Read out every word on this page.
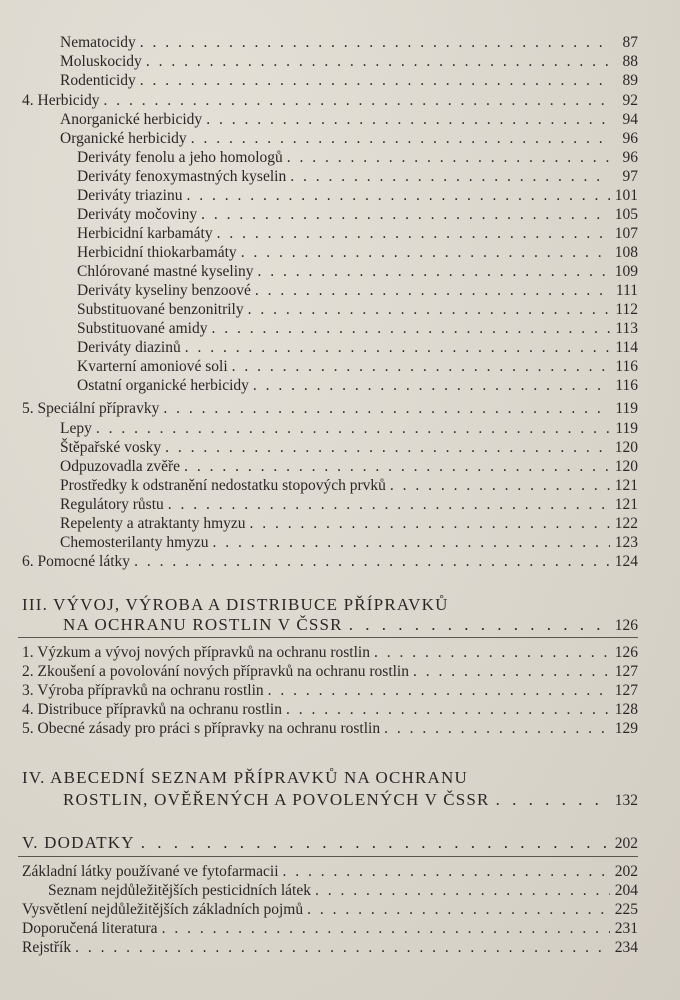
Nematocidy . . .	87
Moluskocidy . . .	88
Rodenticidy . . .	89
4. Herbicidy . . .	92
Anorganické herbicidy . . .	94
Organické herbicidy . . .	96
Deriváty fenolu a jeho homologů . . .	96
Deriváty fenoxymastných kyselin . . .	97
Deriváty triazinu . . .	101
Deriváty močoviny . . .	105
Herbicidní karbamáty . . .	107
Herbicidní thiokarbamáty . . .	108
Chlórované mastné kyseliny . . .	109
Deriváty kyseliny benzoové . . .	111
Substituované benzonitrily . . .	112
Substituované amidy . . .	113
Deriváty diazinů . . .	114
Kvarterní amoniové soli . . .	116
Ostatní organické herbicidy . . .	116
5. Speciální přípravky . . .	119
Lepy . . .	119
Štěpařské vosky . . .	120
Odpuzovadla zvěře . . .	120
Prostředky k odstranění nedostatku stopových prvků . . .	121
Regulátory růstu . . .	121
Repelenty a atraktanty hmyzu . . .	122
Chemosterilanty hmyzu . . .	123
6. Pomocné látky . . .	124
III. VÝVOJ, VÝROBA A DISTRIBUCE PŘÍPRAVKŮ
NA OCHRANU ROSTLIN V ČSSR . . .	126
1. Výzkum a vývoj nových přípravků na ochranu rostlin . . .	126
2. Zkoušení a povolování nových přípravků na ochranu rostlin . . .	127
3. Výroba přípravků na ochranu rostlin . . .	127
4. Distribuce přípravků na ochranu rostlin . . .	128
5. Obecné zásady pro práci s přípravky na ochranu rostlin . . .	129
IV. ABECEDNÍ SEZNAM PŘÍPRAVKŮ NA OCHRANU
ROSTLIN, OVĚŘENÝCH A POVOLENÝCH V ČSSR . . .	132
V. DODATKY . . .	202
Základní látky používané ve fytofarmacii . . .	202
Seznam nejdůležitějších pesticidních látek . . .	204
Vysvětlení nejdůležitějších základních pojmů . . .	225
Doporučená literatura . . .	231
Rejstřík . . .	234
